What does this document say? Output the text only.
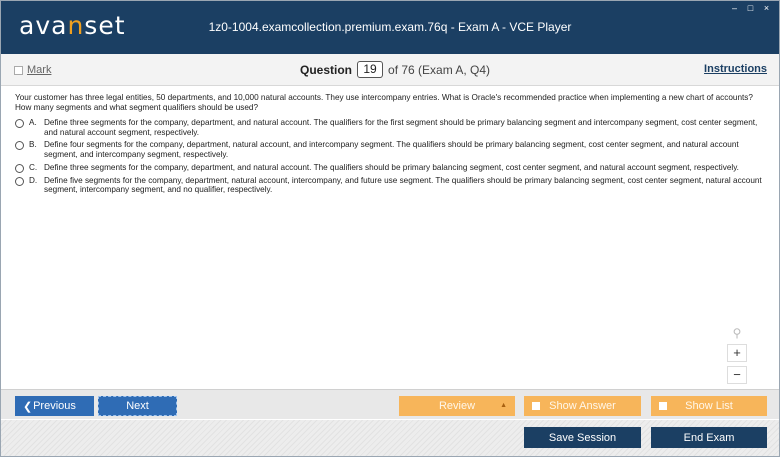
avanset	1z0-1004.examcollection.premium.exam.76q - Exam A - VCE Player
– □ ×
Mark	Question 19 of 76 (Exam A, Q4)	Instructions
Your customer has three legal entities, 50 departments, and 10,000 natural accounts. They use intercompany entries. What is Oracle's recommended practice when implementing a new chart of accounts? How many segments and what segment qualifiers should be used?
A. Define three segments for the company, department, and natural account. The qualifiers for the first segment should be primary balancing segment and intercompany segment, cost center segment, and natural account segment, respectively.
B. Define four segments for the company, department, natural account, and intercompany segment. The qualifiers should be primary balancing segment, cost center segment, and natural account segment, and intercompany segment, respectively.
C. Define three segments for the company, department, and natural account. The qualifiers should be primary balancing segment, cost center segment, and natural account segment, respectively.
D. Define five segments for the company, department, natural account, intercompany, and future use segment. The qualifiers should be primary balancing segment, cost center segment, natural account segment, intercompany segment, and no qualifier, respectively.
⚲
+
−
❮ Previous	Next	Review	▲	Show Answer	Show List
Save Session	End Exam
